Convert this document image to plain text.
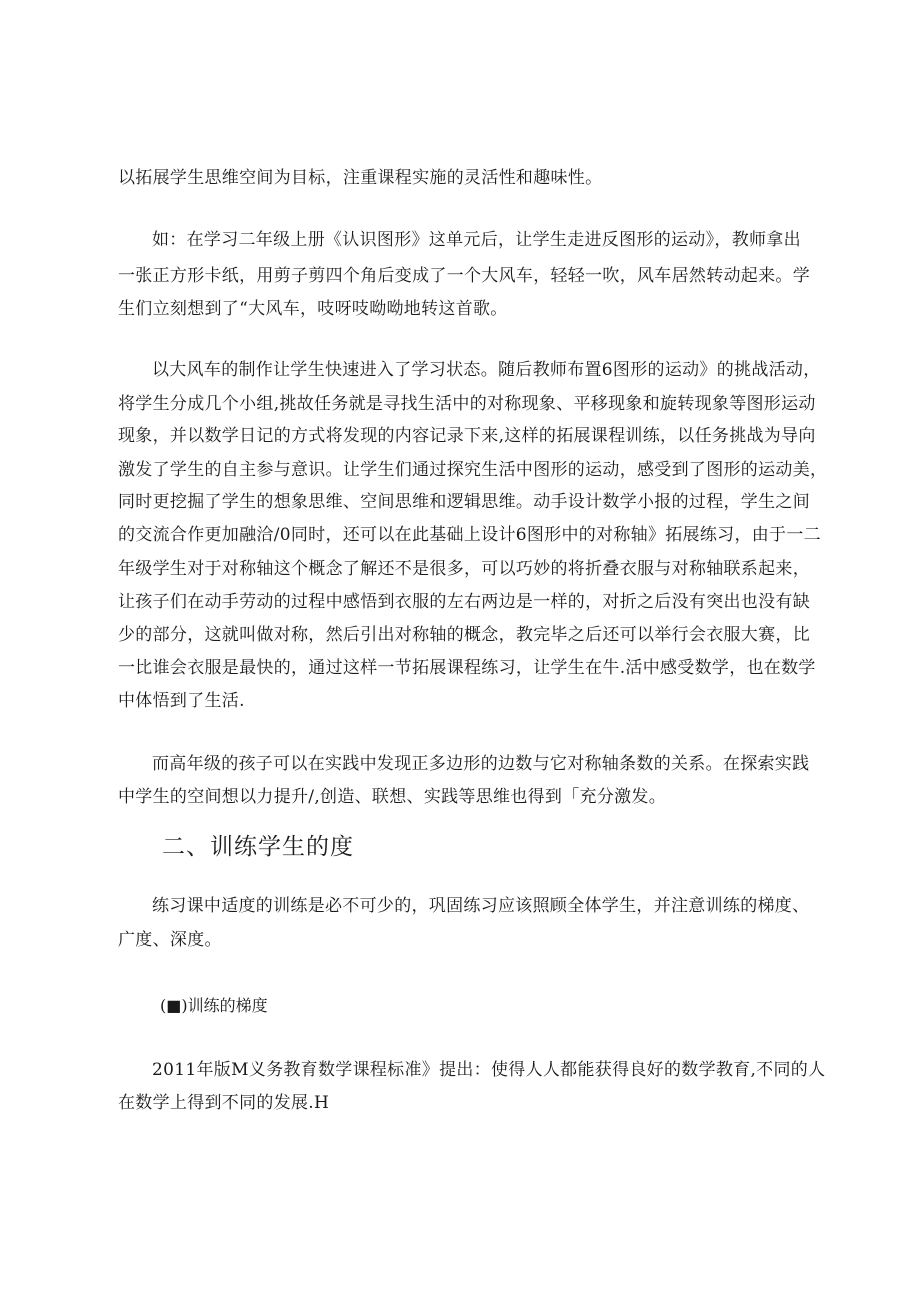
以拓展学生思维空间为目标，注重课程实施的灵活性和趣味性。
如：在学习二年级上册《认识图形》这单元后，让学生走进反图形的运动》，教师拿出
一张正方形卡纸，用剪子剪四个角后变成了一个大风车，轻轻一吹，风车居然转动起来。学
生们立刻想到了“大风车，吱呀吱呦呦地转这首歌。
以大风车的制作让学生快速进入了学习状态。随后教师布置6图形的运动》的挑战活动，
将学生分成几个小组,挑故任务就是寻找生活中的对称现象、平移现象和旋转现象等图形运动
现象，并以数学日记的方式将发现的内容记录下来,这样的拓展课程训练，以任务挑战为导向
激发了学生的自主参与意识。让学生们通过探究生活中图形的运动，感受到了图形的运动美，
同时更挖掘了学生的想象思维、空间思维和逻辑思维。动手设计数学小报的过程，学生之间
的交流合作更加融洽/0同时，还可以在此基础上设计6图形中的对称轴》拓展练习，由于一二
年级学生对于对称轴这个概念了解还不是很多，可以巧妙的将折叠衣服与对称轴联系起来，
让孩子们在动手劳动的过程中感悟到衣服的左右两边是一样的，对折之后没有突出也没有缺
少的部分，这就叫做对称，然后引出对称轴的概念，教完毕之后还可以举行会衣服大赛，比
一比谁会衣服是最快的，通过这样一节拓展课程练习，让学生在牛.活中感受数学，也在数学
中体悟到了生活.
而高年级的孩子可以在实践中发现正多边形的边数与它对称轴条数的关系。在探索实践
中学生的空间想以力提升/,创造、联想、实践等思维也得到「充分激发。
二、训练学生的度
练习课中适度的训练是必不可少的，巩固练习应该照顾全体学生，并注意训练的梯度、
广度、深度。
(■)训练的梯度
2011年版M义务教育数学课程标准》提出：使得人人都能获得良好的数学教育,不同的人
在数学上得到不同的发展.H
